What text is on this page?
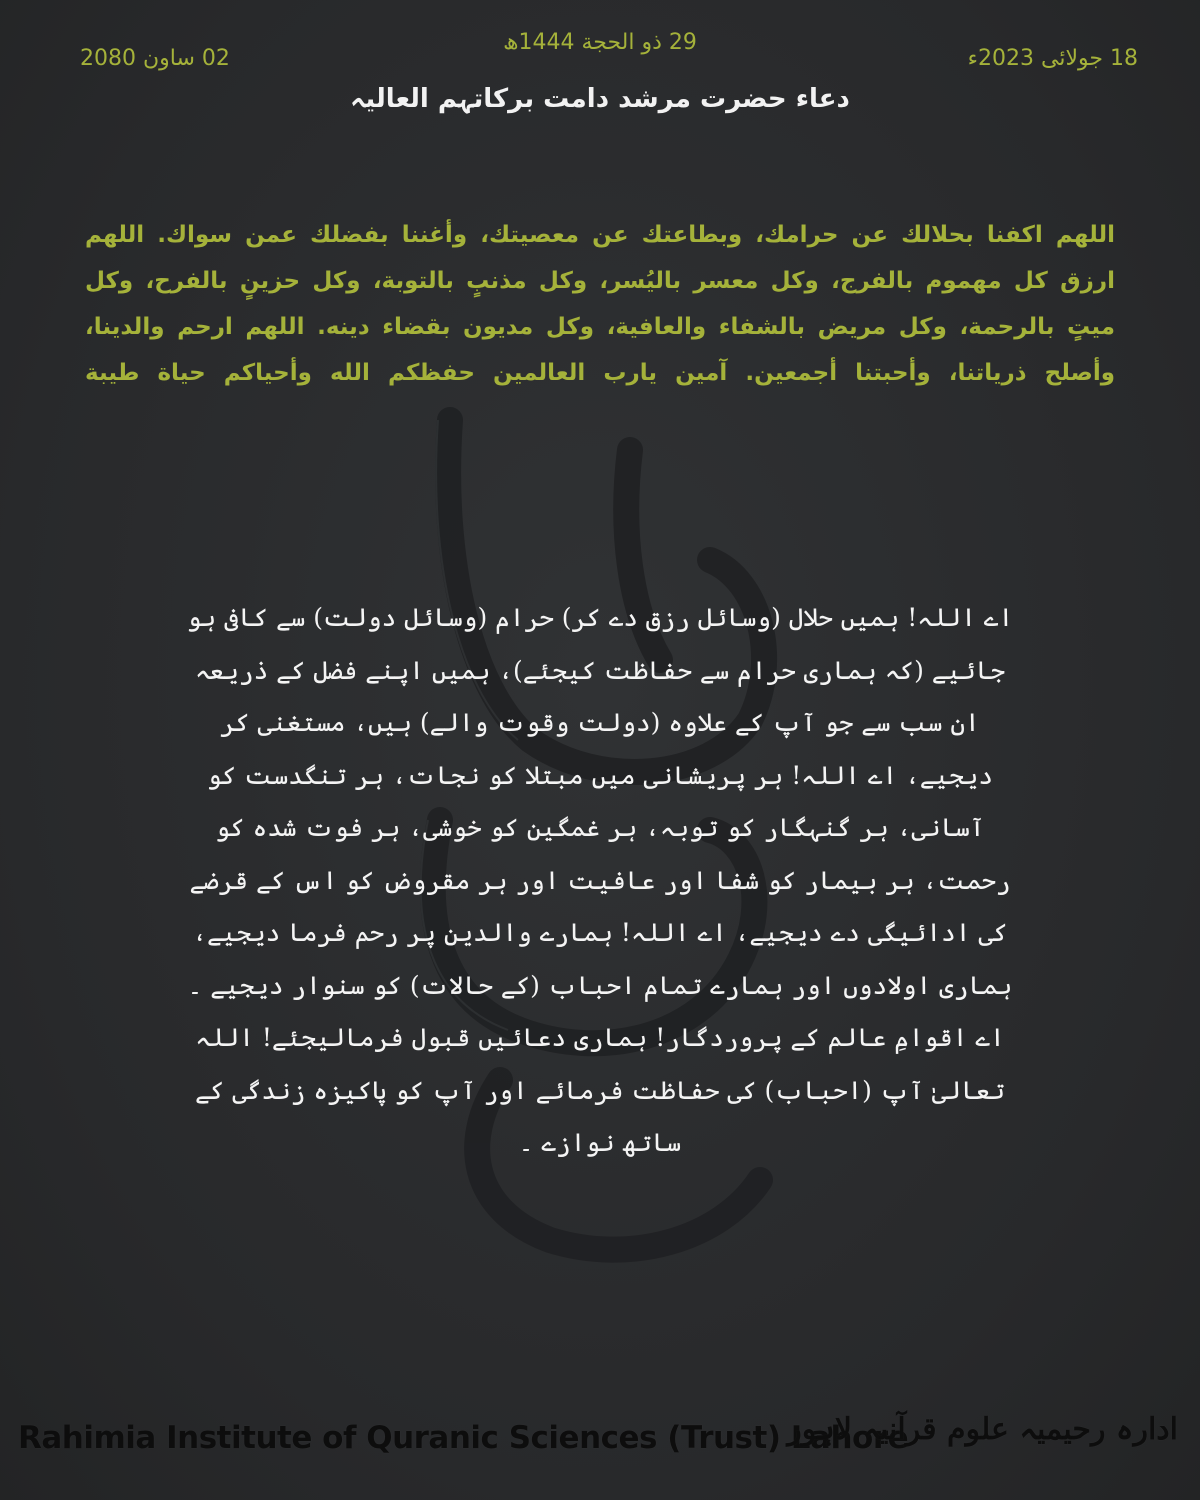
29 ذو الحجة 1444ھ
18 جولائی 2023ء
02 ساون 2080
دعاء حضرت مرشد دامت برکاتہم العالیہ

اللهم اكفنا بحلالك عن حرامك، وبطاعتك عن معصيتك، وأغننا بفضلك عمن سواك. اللهم ارزق كل مهموم بالفرج، وكل معسر باليُسر، وكل مذنبٍ بالتوبة، وكل حزينٍ بالفرح، وكل ميتٍ بالرحمة، وكل مريض بالشفاء والعافية، وكل مديون بقضاء دينه. اللهم ارحم والدينا، وأصلح ذرياتنا، وأحبتنا أجمعين. آمين يارب العالمين حفظكم الله وأحياكم حياة طيبة

اے اللہ! ہمیں حلال (وسائل رزق دے کر) حرام (وسائل دولت) سے کافی ہو جائیے (کہ ہماری حرام سے حفاظت کیجئے)، ہمیں اپنے فضل کے ذریعہ ان سب سے جو آپ کے علاوہ (دولت وقوت والے) ہیں، مستغنی کر دیجیے، اے اللہ! ہر پریشانی میں مبتلا کو نجات، ہر تنگدست کو آسانی، ہر گنہگار کو توبہ، ہر غمگین کو خوشی، ہر فوت شدہ کو رحمت، ہر بیمار کو شفا اور عافیت اور ہر مقروض کو اس کے قرضے کی ادائیگی دے دیجیے، اے اللہ! ہمارے والدین پر رحم فرما دیجیے، ہماری اولادوں اور ہمارے تمام احباب (کے حالات) کو سنوار دیجیے ۔ اے اقوامِ عالم کے پروردگار! ہماری دعائیں قبول فرمالیجئے! اللہ تعالیٰ آپ (احباب) کی حفاظت فرمائے اور آپ کو پاکیزہ زندگی کے ساتھ نوازے ۔

Rahimia Institute of Quranic Sciences (Trust) Lahore
ادارہ رحیمیہ علوم قرآنیہ لاہور
